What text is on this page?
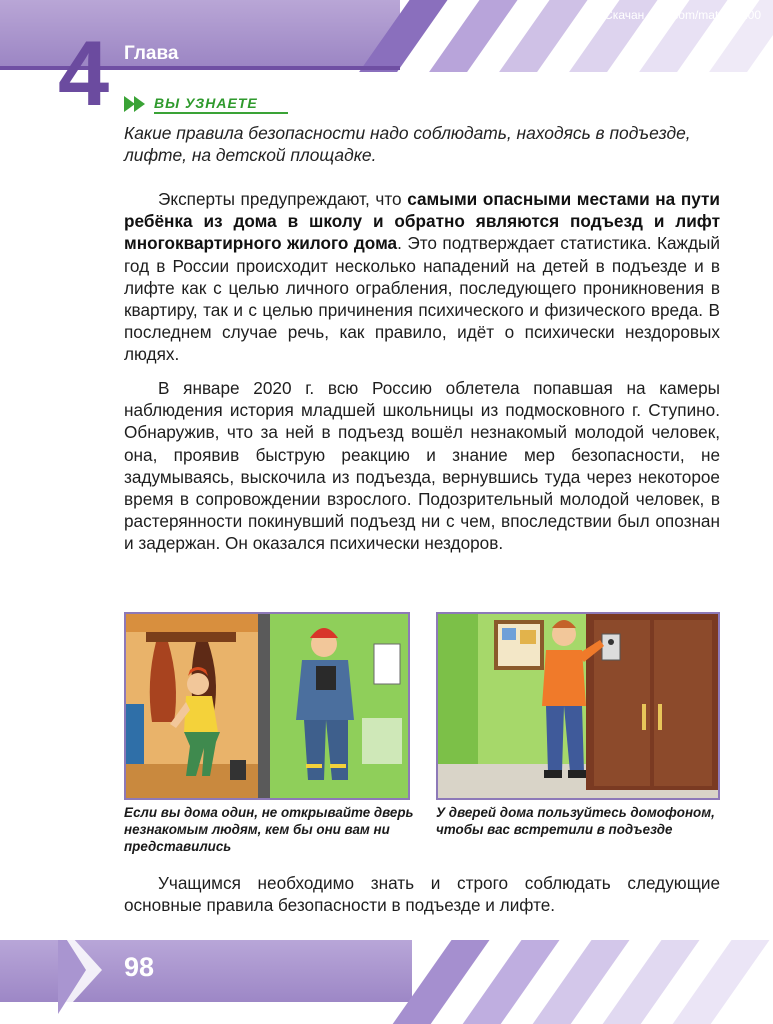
Скачан с vk.com/material100
4 Глава
ВЫ УЗНАЕТЕ
Какие правила безопасности надо соблюдать, находясь в подъезде, лифте, на детской площадке.

Эксперты предупреждают, что самыми опасными местами на пути ребёнка из дома в школу и обратно являются подъезд и лифт многоквартирного жилого дома. Это подтверждает статистика. Каждый год в России происходит несколько нападений на детей в подъезде и в лифте как с целью личного ограбления, последующего проникновения в квартиру, так и с целью причинения психического и физического вреда. В последнем случае речь, как правило, идёт о психически нездоровых людях.

В январе 2020 г. всю Россию облетела попавшая на камеры наблюдения история младшей школьницы из подмосковного г. Ступино. Обнаружив, что за ней в подъезд вошёл незнакомый молодой человек, она, проявив быструю реакцию и знание мер безопасности, не задумываясь, выскочила из подъезда, вернувшись туда через некоторое время в сопровождении взрослого. Подозрительный молодой человек, в растерянности покинувший подъезд ни с чем, впоследствии был опознан и задержан. Он оказался психически нездоров.

Если вы дома один, не открывайте дверь незнакомым людям, кем бы они вам ни представились
У дверей дома пользуйтесь домофоном, чтобы вас встретили в подъезде

Учащимся необходимо знать и строго соблюдать следующие основные правила безопасности в подъезде и лифте.

98
